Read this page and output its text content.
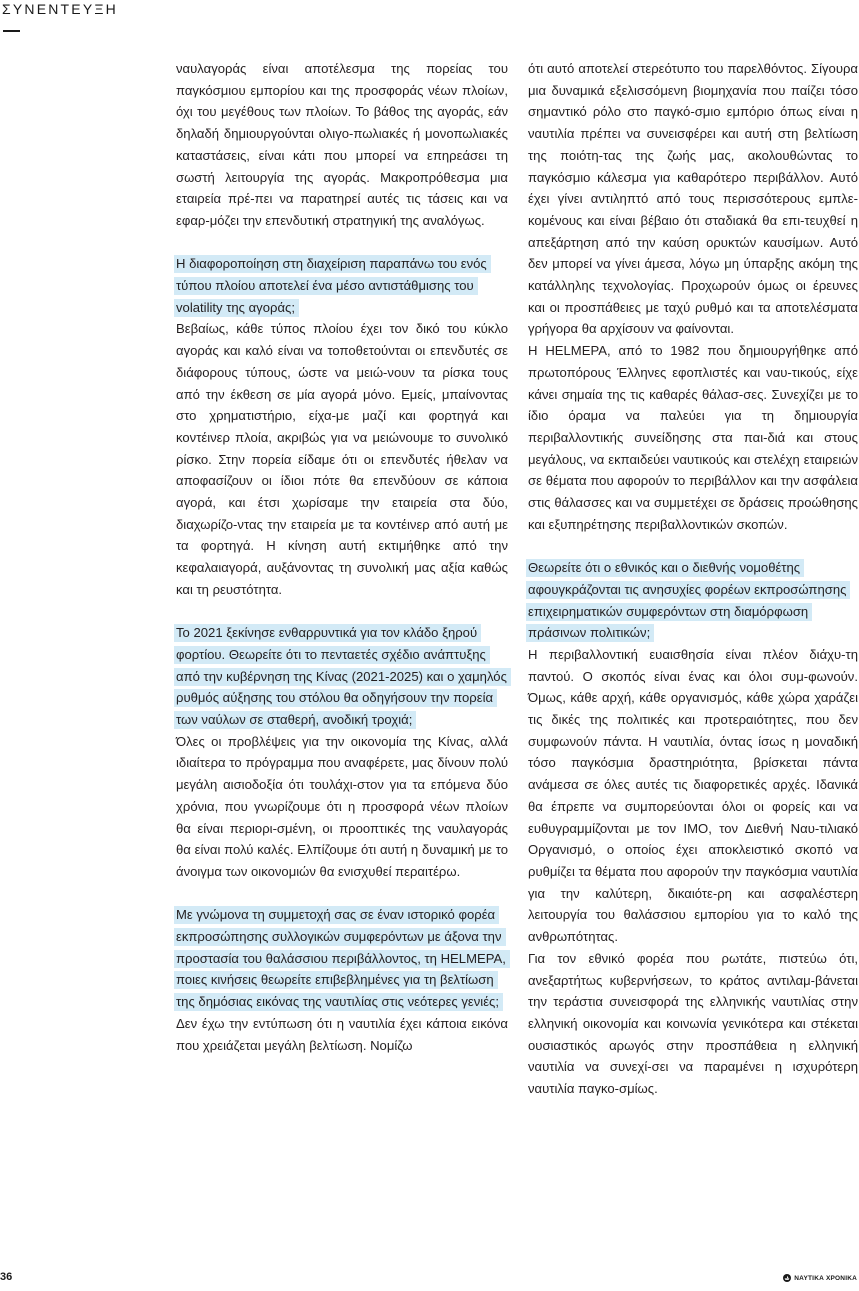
ΣΥΝΕΝΤΕΥΞΗ

ναυλαγοράς είναι αποτέλεσμα της πορείας του παγκόσμιου εμπορίου και της προσφοράς νέων πλοίων, όχι του μεγέθους των πλοίων. Το βάθος της αγοράς, εάν δηλαδή δημιουργούνται ολιγο-πωλιακές ή μονοπωλιακές καταστάσεις, είναι κάτι που μπορεί να επηρεάσει τη σωστή λειτουργία της αγοράς. Μακροπρόθεσμα μια εταιρεία πρέ-πει να παρατηρεί αυτές τις τάσεις και να εφαρ-μόζει την επενδυτική στρατηγική της αναλόγως.

Η διαφοροποίηση στη διαχείριση παραπάνω του ενός τύπου πλοίου αποτελεί ένα μέσο αντιστάθμισης του volatility της αγοράς;

Βεβαίως, κάθε τύπος πλοίου έχει τον δικό του κύκλο αγοράς και καλό είναι να τοποθετούνται οι επενδυτές σε διάφορους τύπους, ώστε να μειώ-νουν τα ρίσκα τους από την έκθεση σε μία αγορά μόνο. Εμείς, μπαίνοντας στο χρηματιστήριο, είχα-με μαζί και φορτηγά και κοντέινερ πλοία, ακριβώς για να μειώνουμε το συνολικό ρίσκο. Στην πορεία είδαμε ότι οι επενδυτές ήθελαν να αποφασίζουν οι ίδιοι πότε θα επενδύουν σε κάποια αγορά, και έτσι χωρίσαμε την εταιρεία στα δύο, διαχωρίζο-ντας την εταιρεία με τα κοντέινερ από αυτή με τα φορτηγά. Η κίνηση αυτή εκτιμήθηκε από την κεφαλαιαγορά, αυξάνοντας τη συνολική μας αξία καθώς και τη ρευστότητα.

Το 2021 ξεκίνησε ενθαρρυντικά για τον κλάδο ξηρού φορτίου. Θεωρείτε ότι το πενταετές σχέδιο ανάπτυξης από την κυβέρνηση της Κίνας (2021-2025) και ο χαμηλός ρυθμός αύξησης του στόλου θα οδηγήσουν την πορεία των ναύλων σε σταθερή, ανοδική τροχιά;

Όλες οι προβλέψεις για την οικονομία της Κίνας, αλλά ιδιαίτερα το πρόγραμμα που αναφέρετε, μας δίνουν πολύ μεγάλη αισιοδοξία ότι τουλάχι-στον για τα επόμενα δύο χρόνια, που γνωρίζουμε ότι η προσφορά νέων πλοίων θα είναι περιορι-σμένη, οι προοπτικές της ναυλαγοράς θα είναι πολύ καλές. Ελπίζουμε ότι αυτή η δυναμική με το άνοιγμα των οικονομιών θα ενισχυθεί περαιτέρω.

Με γνώμονα τη συμμετοχή σας σε έναν ιστορικό φορέα εκπροσώπησης συλλογικών συμφερόντων με άξονα την προστασία του θαλάσσιου περιβάλλοντος, τη HELMEPA, ποιες κινήσεις θεωρείτε επιβεβλημένες για τη βελτίωση της δημόσιας εικόνας της ναυτιλίας στις νεότερες γενιές;

Δεν έχω την εντύπωση ότι η ναυτιλία έχει κάποια εικόνα που χρειάζεται μεγάλη βελτίωση. Νομίζω

ότι αυτό αποτελεί στερεότυπο του παρελθόντος. Σίγουρα μια δυναμικά εξελισσόμενη βιομηχανία που παίζει τόσο σημαντικό ρόλο στο παγκό-σμιο εμπόριο όπως είναι η ναυτιλία πρέπει να συνεισφέρει και αυτή στη βελτίωση της ποιότη-τας της ζωής μας, ακολουθώντας το παγκόσμιο κάλεσμα για καθαρότερο περιβάλλον. Αυτό έχει γίνει αντιληπτό από τους περισσότερους εμπλε-κομένους και είναι βέβαιο ότι σταδιακά θα επι-τευχθεί η απεξάρτηση από την καύση ορυκτών καυσίμων. Αυτό δεν μπορεί να γίνει άμεσα, λόγω μη ύπαρξης ακόμη της κατάλληλης τεχνολογίας. Προχωρούν όμως οι έρευνες και οι προσπάθειες με ταχύ ρυθμό και τα αποτελέσματα γρήγορα θα αρχίσουν να φαίνονται.

Η HELMEPA, από το 1982 που δημιουργήθηκε από πρωτοπόρους Έλληνες εφοπλιστές και ναυ-τικούς, είχε κάνει σημαία της τις καθαρές θάλασ-σες. Συνεχίζει με το ίδιο όραμα να παλεύει για τη δημιουργία περιβαλλοντικής συνείδησης στα παι-διά και στους μεγάλους, να εκπαιδεύει ναυτικούς και στελέχη εταιρειών σε θέματα που αφορούν το περιβάλλον και την ασφάλεια στις θάλασσες και να συμμετέχει σε δράσεις προώθησης και εξυπηρέτησης περιβαλλοντικών σκοπών.

Θεωρείτε ότι ο εθνικός και ο διεθνής νομοθέτης αφουγκράζονται τις ανησυχίες φορέων εκπροσώπησης επιχειρηματικών συμφερόντων στη διαμόρφωση πράσινων πολιτικών;

Η περιβαλλοντική ευαισθησία είναι πλέον διάχυ-τη παντού. Ο σκοπός είναι ένας και όλοι συμ-φωνούν. Όμως, κάθε αρχή, κάθε οργανισμός, κάθε χώρα χαράζει τις δικές της πολιτικές και προτεραιότητες, που δεν συμφωνούν πάντα. Η ναυτιλία, όντας ίσως η μοναδική τόσο παγκόσμια δραστηριότητα, βρίσκεται πάντα ανάμεσα σε όλες αυτές τις διαφορετικές αρχές. Ιδανικά θα έπρεπε να συμπορεύονται όλοι οι φορείς και να ευθυγραμμίζονται με τον ΙΜΟ, τον Διεθνή Ναυ-τιλιακό Οργανισμό, ο οποίος έχει αποκλειστικό σκοπό να ρυθμίζει τα θέματα που αφορούν την παγκόσμια ναυτιλία για την καλύτερη, δικαιότε-ρη και ασφαλέστερη λειτουργία του θαλάσσιου εμπορίου για το καλό της ανθρωπότητας.

Για τον εθνικό φορέα που ρωτάτε, πιστεύω ότι, ανεξαρτήτως κυβερνήσεων, το κράτος αντιλαμ-βάνεται την τεράστια συνεισφορά της ελληνικής ναυτιλίας στην ελληνική οικονομία και κοινωνία γενικότερα και στέκεται ουσιαστικός αρωγός στην προσπάθεια η ελληνική ναυτιλία να συνεχί-σει να παραμένει η ισχυρότερη ναυτιλία παγκο-σμίως.

36	ΝΑΥΤΙΚΑ ΧΡΟΝΙΚΑ
